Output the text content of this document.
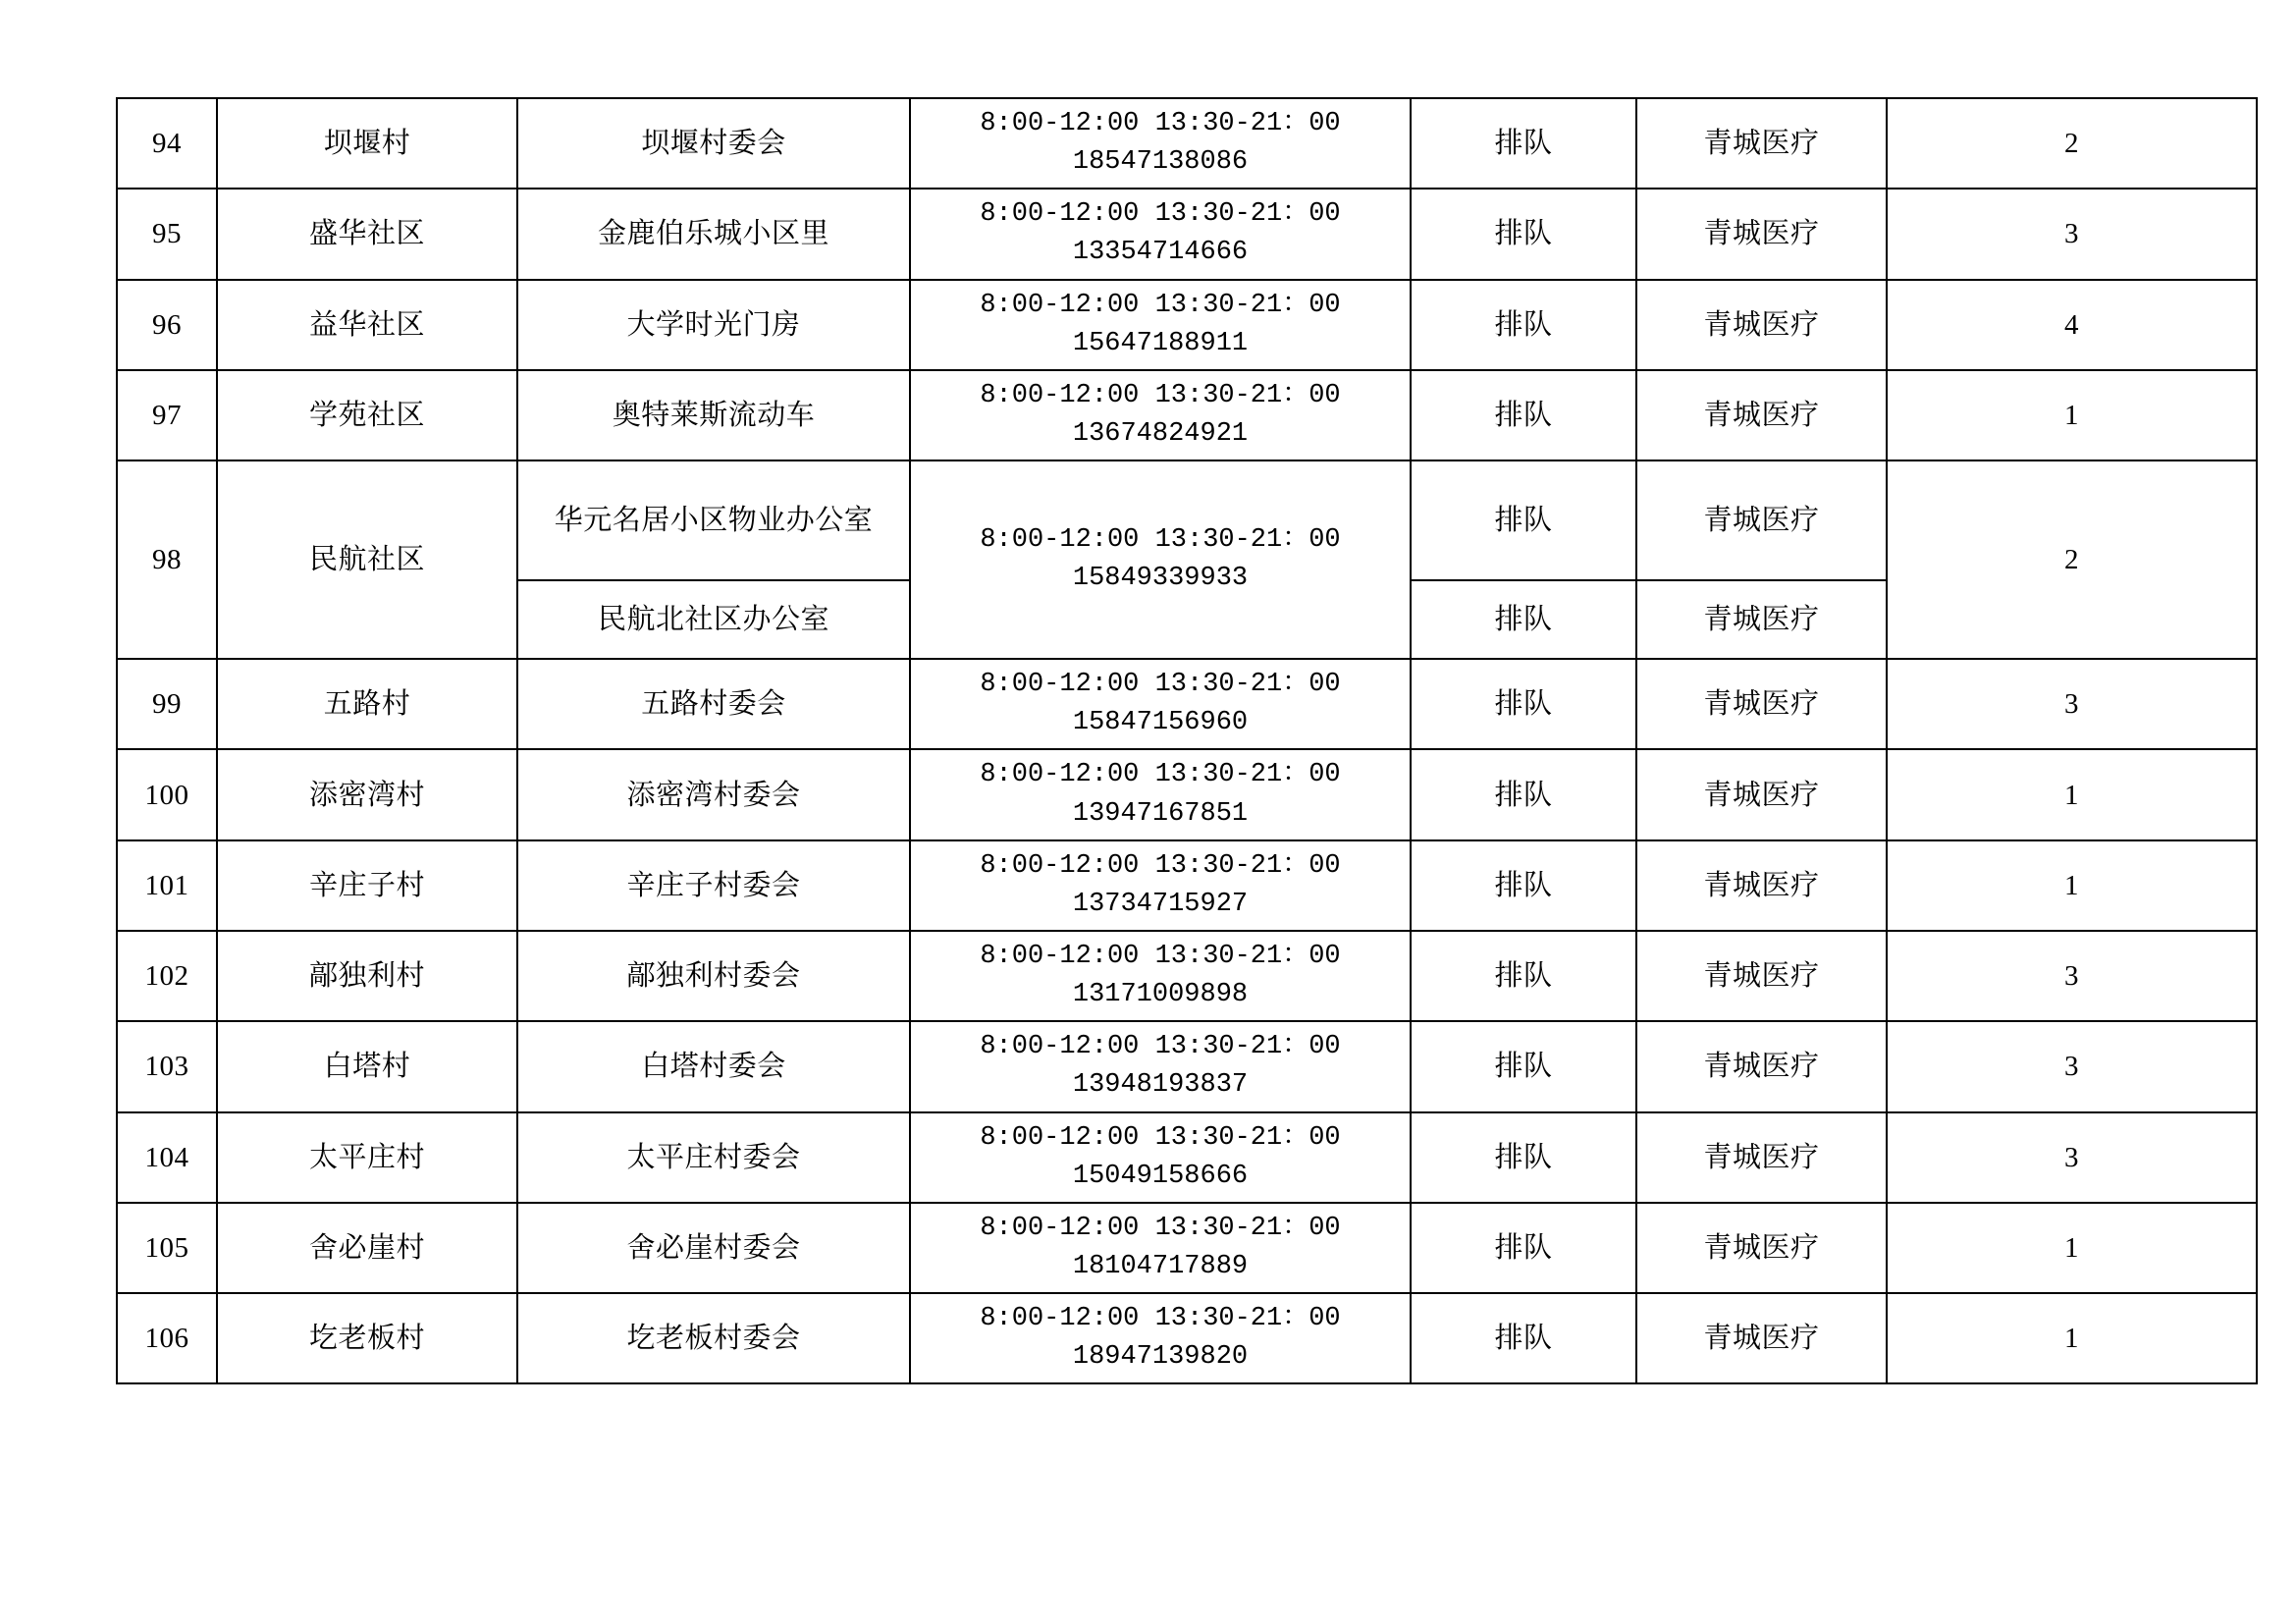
94	坝堰村	坝堰村委会	8:00-12:00 13:30-21：00
18547138086	排队	青城医疗	2
95	盛华社区	金鹿伯乐城小区里	8:00-12:00 13:30-21：00
13354714666	排队	青城医疗	3
96	益华社区	大学时光门房	8:00-12:00 13:30-21：00
15647188911	排队	青城医疗	4
97	学苑社区	奥特莱斯流动车	8:00-12:00 13:30-21：00
13674824921	排队	青城医疗	1
98	民航社区	华元名居小区物业办公室	8:00-12:00 13:30-21：00
15849339933	排队	青城医疗	2
		民航北社区办公室		排队	青城医疗	
99	五路村	五路村委会	8:00-12:00 13:30-21：00
15847156960	排队	青城医疗	3
100	添密湾村	添密湾村委会	8:00-12:00 13:30-21：00
13947167851	排队	青城医疗	1
101	辛庄子村	辛庄子村委会	8:00-12:00 13:30-21：00
13734715927	排队	青城医疗	1
102	鄗独利村	鄗独利村委会	8:00-12:00 13:30-21：00
13171009898	排队	青城医疗	3
103	白塔村	白塔村委会	8:00-12:00 13:30-21：00
13948193837	排队	青城医疗	3
104	太平庄村	太平庄村委会	8:00-12:00 13:30-21：00
15049158666	排队	青城医疗	3
105	舍必崖村	舍必崖村委会	8:00-12:00 13:30-21：00
18104717889	排队	青城医疗	1
106	圪老板村	圪老板村委会	8:00-12:00 13:30-21：00
18947139820	排队	青城医疗	1
